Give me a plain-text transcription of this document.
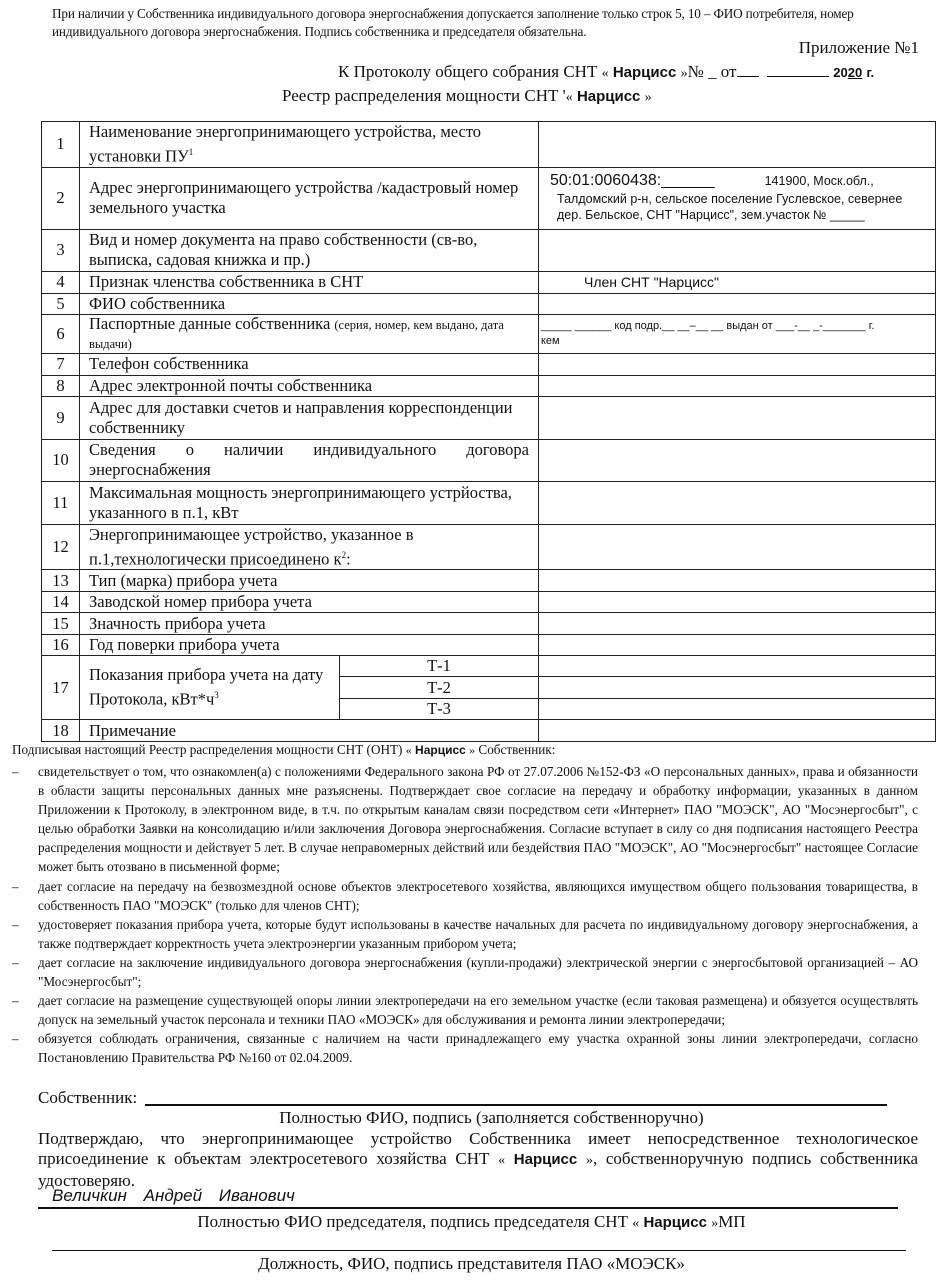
При наличии у Собственника индивидуального договора энергоснабжения допускается заполнение только строк 5, 10 – ФИО потребителя, номер индивидуального договора энергоснабжения. Подпись собственника и председателя обязательна.
Приложение №1
К Протоколу общего собрания СНТ « Нарцисс »№ _ от	2020 г.
Реестр распределения мощности СНТ '« Нарцисс »
1	Наименование энергопринимающего устройства, место установки $ПУ^1$	
2	Адрес энергопринимающего устройства /кадастровый номер земельного участка		50:01:0060438:______ 141900, Моск.обл.,
Талдомский р-н, сельское поселение Гуслевское, севернее
дер. Бельское, СНТ "Нарцисс", зем.участок № _____

3	Вид и номер документа на право собственности (св-во, выписка, садовая книжка и пр.)		
4	Признак членства собственника в СНТ		Член СНТ "Нарцисс"
5	ФИО собственника		
6	Паспортные данные собственника (серия, номер, кем выдано, дата выдачи)		_____ ______ код подр.__ __–__ __ выдан от ___-__ _-_______ г.
кем

7	Телефон собственника		
8	Адрес электронной почты собственника		
9	Адрес для доставки счетов и направления корреспонденции собственнику		
10	Сведения о наличии индивидуального договора
энергоснабжения		

11	Максимальная мощность энергопринимающего устрйоства, указанного в п.1, кВт		
12	Энергопринимающее устройство, указанное в п.1,технологически присоединено $к^2$:		
13	Тип (марка) прибора учета		
14	Заводской номер прибора учета		
15	Значность прибора учета		
16	Год поверки прибора учета		
17	Показания прибора учета на дату Протокола, $кВт*ч^3$	Т-1	
		Т-2	
		Т-3	
18	Примечание		
Подписывая настоящий Реестр распределения мощности СНТ (ОНТ) « Нарцисс » Собственник:
–	свидетельствует о том, что ознакомлен(а) с положениями Федерального закона РФ от 27.07.2006 №152-ФЗ «О персональных данных», права и обязанности в области защиты персональных данных мне разъяснены. Подтверждает свое согласие на передачу и обработку информации, указанных в данном Приложении к Протоколу, в электронном виде, в т.ч. по открытым каналам связи посредством сети «Интернет» ПАО "МОЭСК", АО "Мосэнергосбыт", с целью обработки Заявки на консолидацию и/или заключения Договора энергоснабжения. Согласие вступает в силу со дня подписания настоящего Реестра распределения мощности и действует 5 лет. В случае неправомерных действий или бездействия ПАО "МОЭСК", АО "Мосэнергосбыт" настоящее Согласие может быть отозвано в письменной форме;
–	дает согласие на передачу на безвозмездной основе объектов электросетевого хозяйства, являющихся имуществом общего пользования товарищества, в собственность ПАО "МОЭСК" (только для членов СНТ);
–	удостоверяет показания прибора учета, которые будут использованы в качестве начальных для расчета по индивидуальному договору энергоснабжения, а также подтверждает корректность учета электроэнергии указанным прибором учета;
–	дает согласие на заключение индивидуального договора энергоснабжения (купли-продажи) электрической энергии с энергосбытовой организацией – АО "Мосэнергосбыт";
–	дает согласие на размещение существующей опоры линии электропередачи на его земельном участке (если таковая размещена) и обязуется осуществлять допуск на земельный участок персонала и техники ПАО «МОЭСК» для обслуживания и ремонта линии электропередачи;
–	обязуется соблюдать ограничения, связанные с наличием на части принадлежащего ему участка охранной зоны линии электропередачи, согласно Постановлению Правительства РФ №160 от 02.04.2009.
Собственник:
Полностью ФИО, подпись (заполняется собственноручно)
Подтверждаю, что энергопринимающее устройство Собственника имеет непосредственное технологическое присоединение к объектам электросетевого хозяйства СНТ « Нарцисс », собственноручную подпись собственника удостоверяю.
Величкин Андрей Иванович
Полностью ФИО председателя, подпись председателя СНТ « Нарцисс »МП
Должность, ФИО, подпись представителя ПАО «МОЭСК»
